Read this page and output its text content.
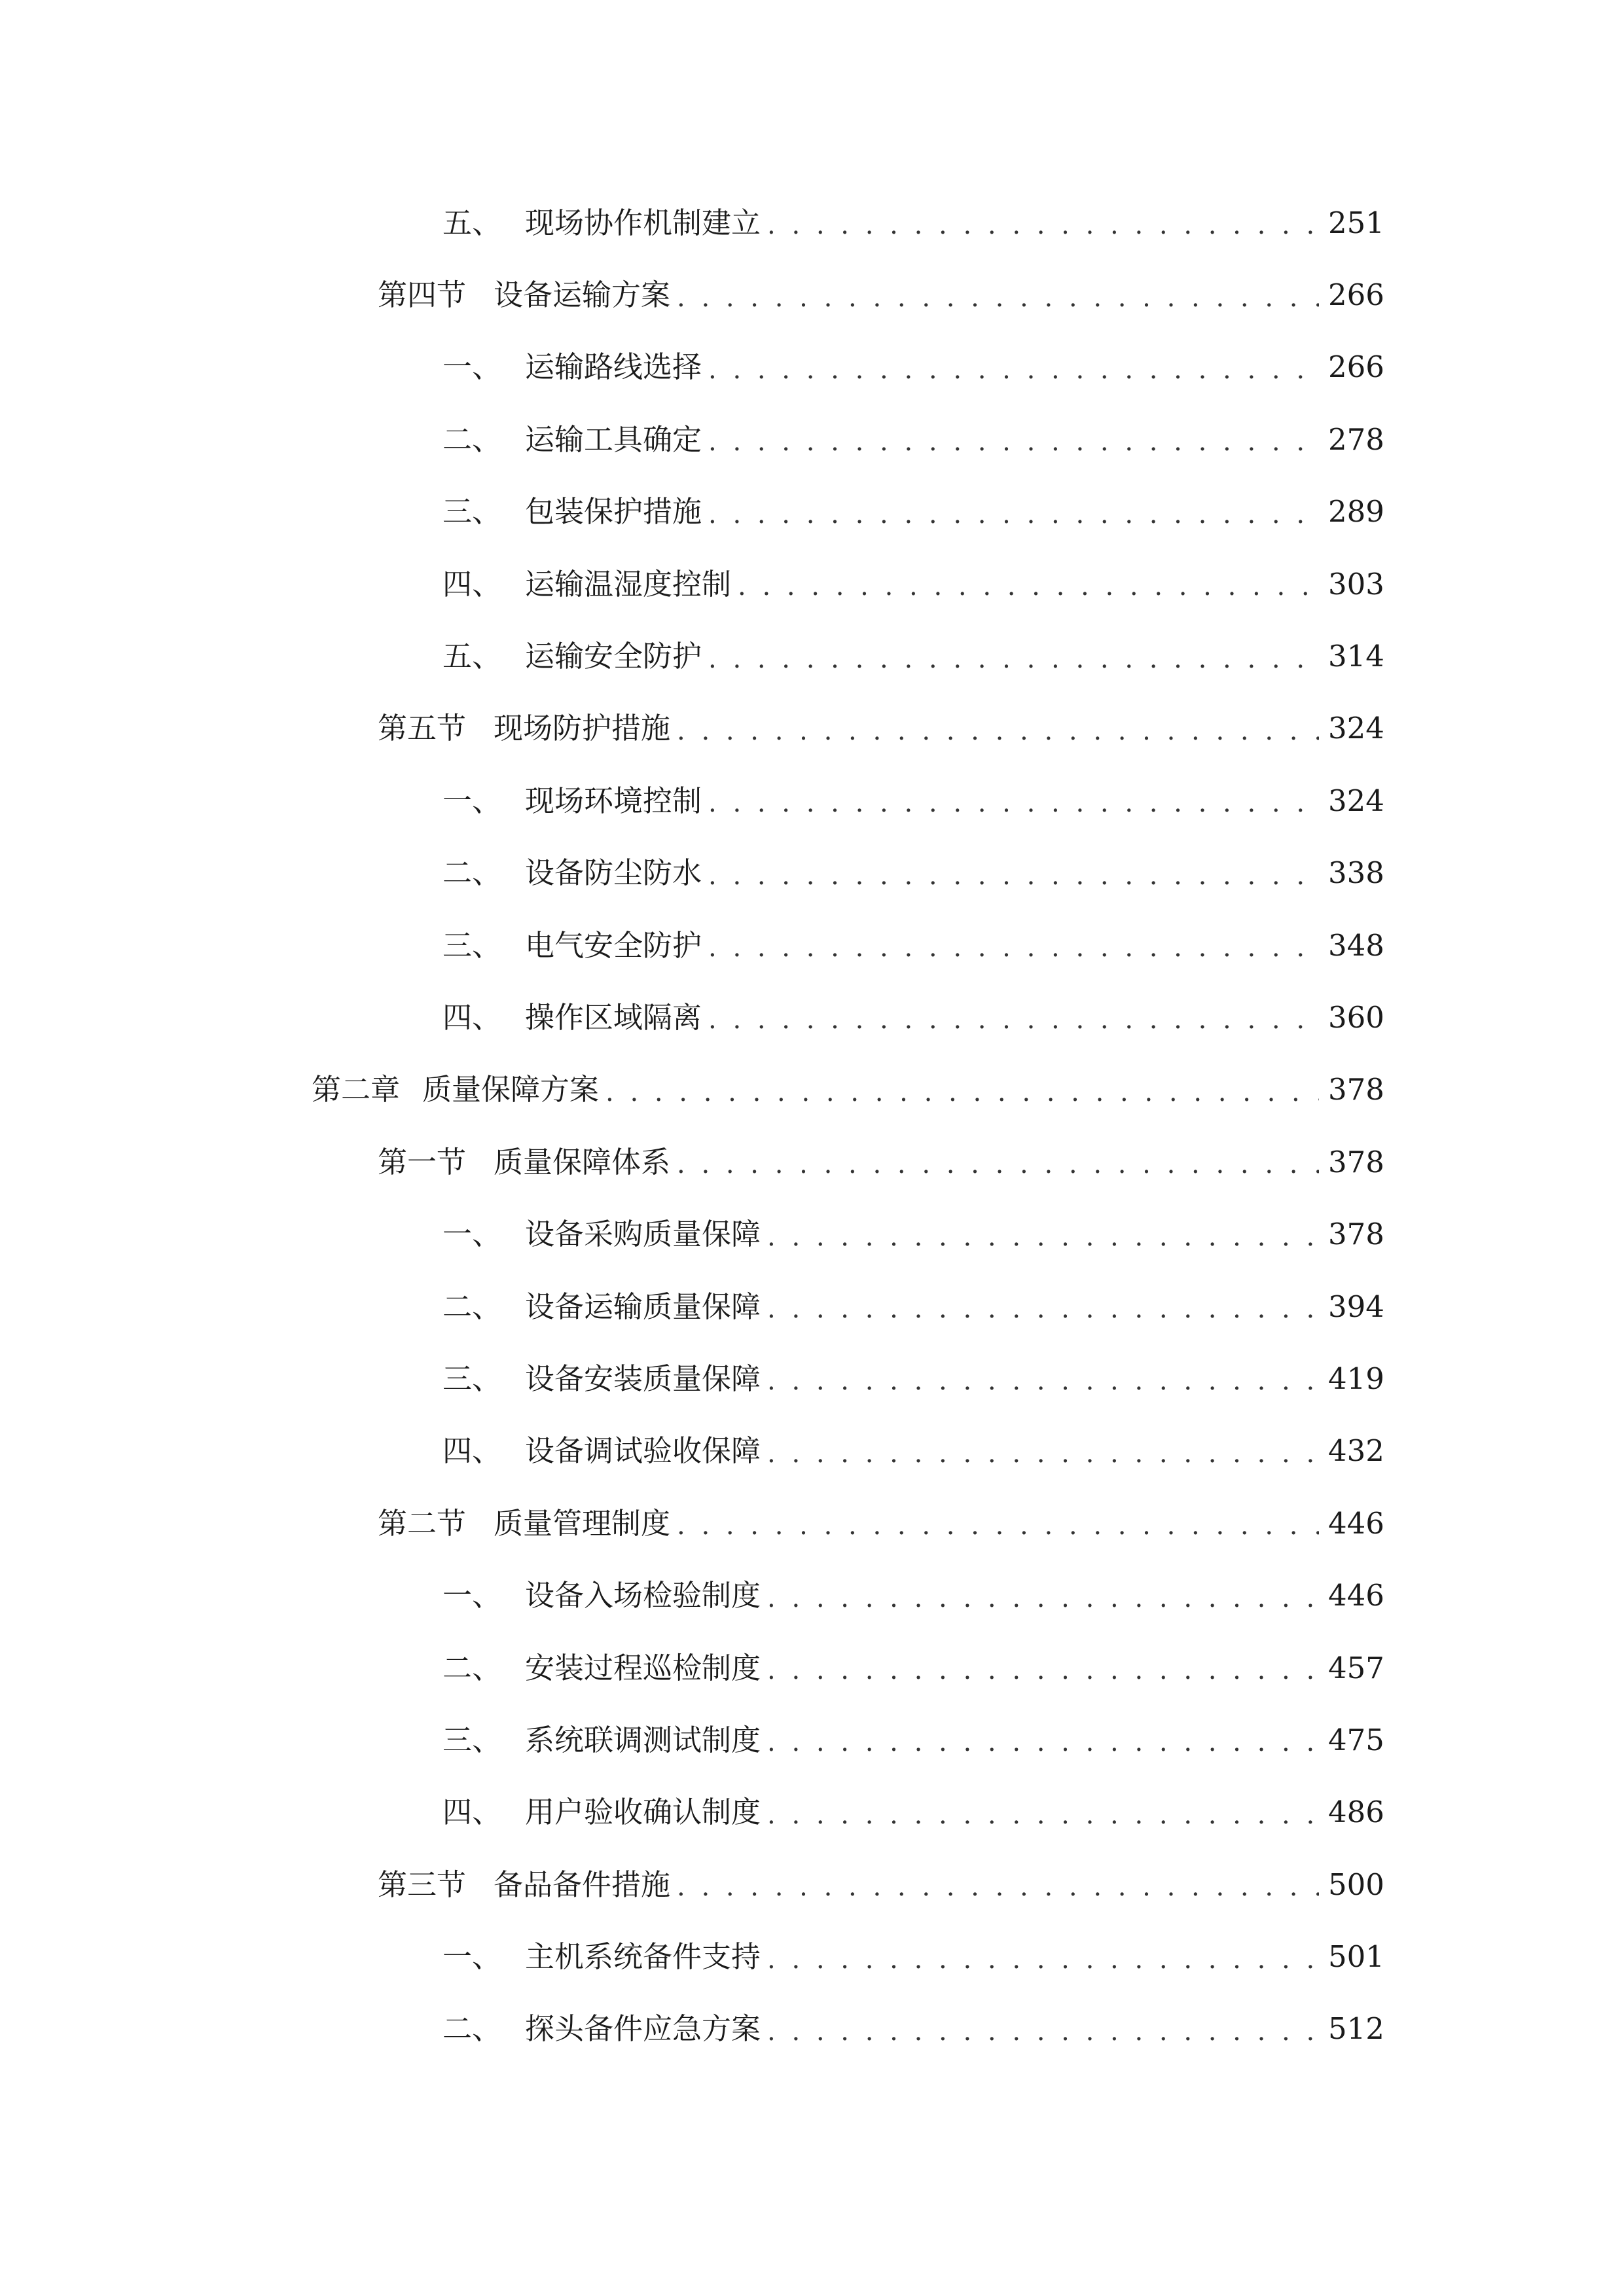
五、 现场协作机制建立 . . .	251
第四节 设备运输方案 . . .	266
一、 运输路线选择 . . .	266
二、 运输工具确定 . . .	278
三、 包装保护措施 . . .	289
四、 运输温湿度控制 . . .	303
五、 运输安全防护 . . .	314
第五节 现场防护措施 . . .	324
一、 现场环境控制 . . .	324
二、 设备防尘防水 . . .	338
三、 电气安全防护 . . .	348
四、 操作区域隔离 . . .	360
第二章 质量保障方案 . . .	378
第一节 质量保障体系 . . .	378
一、 设备采购质量保障 . . .	378
二、 设备运输质量保障 . . .	394
三、 设备安装质量保障 . . .	419
四、 设备调试验收保障 . . .	432
第二节 质量管理制度 . . .	446
一、 设备入场检验制度 . . .	446
二、 安装过程巡检制度 . . .	457
三、 系统联调测试制度 . . .	475
四、 用户验收确认制度 . . .	486
第三节 备品备件措施 . . .	500
一、 主机系统备件支持 . . .	501
二、 探头备件应急方案 . . .	512
